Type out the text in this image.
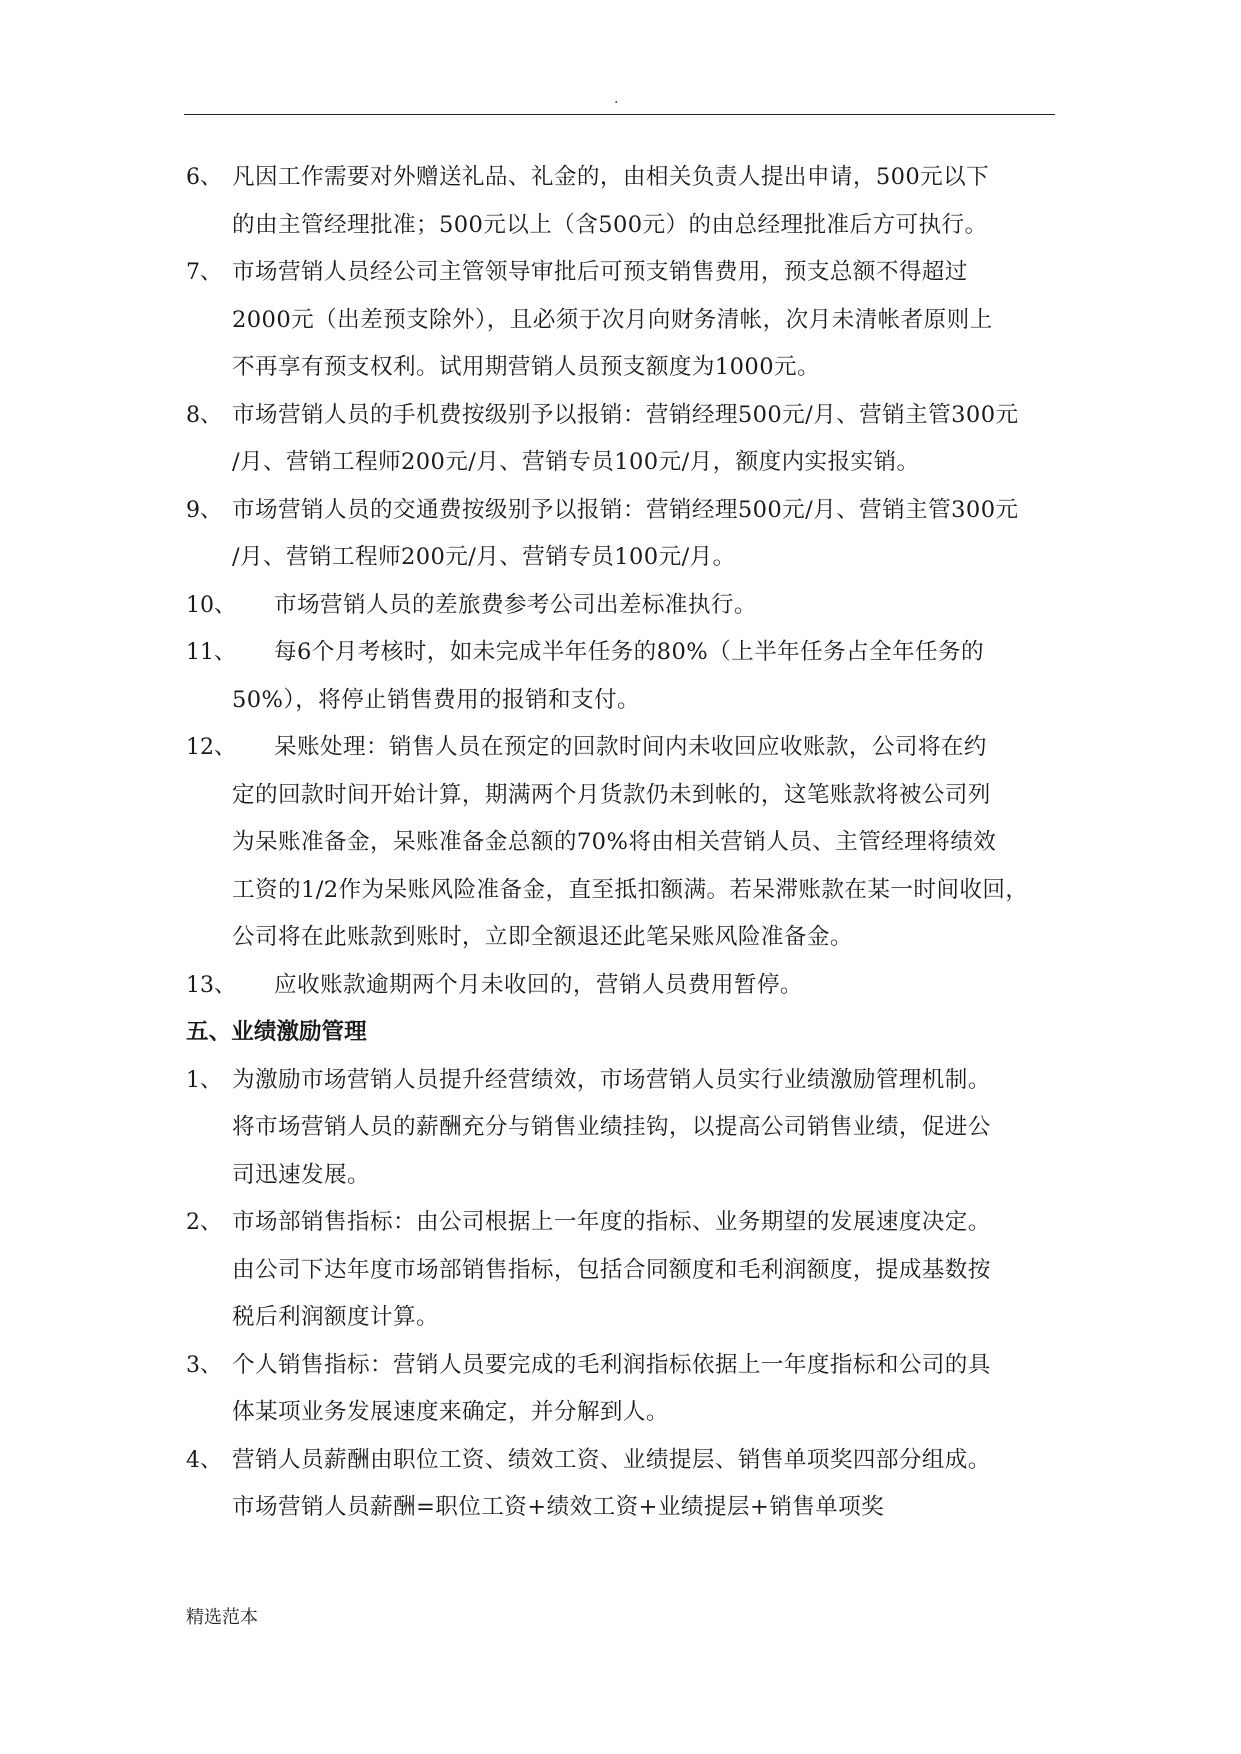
.
6、 凡因工作需要对外赠送礼品、礼金的，由相关负责人提出申请，500元以下
的由主管经理批准；500元以上（含500元）的由总经理批准后方可执行。
7、 市场营销人员经公司主管领导审批后可预支销售费用，预支总额不得超过
2000元（出差预支除外），且必须于次月向财务清帐，次月未清帐者原则上
不再享有预支权利。试用期营销人员预支额度为1000元。
8、 市场营销人员的手机费按级别予以报销：营销经理500元/月、营销主管300元
/月、营销工程师200元/月、营销专员100元/月，额度内实报实销。
9、 市场营销人员的交通费按级别予以报销：营销经理500元/月、营销主管300元
/月、营销工程师200元/月、营销专员100元/月。
10、	市场营销人员的差旅费参考公司出差标准执行。
11、	每6个月考核时，如未完成半年任务的80%（上半年任务占全年任务的
50%），将停止销售费用的报销和支付。
12、	呆账处理：销售人员在预定的回款时间内未收回应收账款，公司将在约
定的回款时间开始计算，期满两个月货款仍未到帐的，这笔账款将被公司列
为呆账准备金，呆账准备金总额的70%将由相关营销人员、主管经理将绩效
工资的1/2作为呆账风险准备金，直至抵扣额满。若呆滞账款在某一时间收回，
公司将在此账款到账时，立即全额退还此笔呆账风险准备金。
13、	应收账款逾期两个月未收回的，营销人员费用暂停。
五、业绩激励管理
1、 为激励市场营销人员提升经营绩效，市场营销人员实行业绩激励管理机制。
将市场营销人员的薪酬充分与销售业绩挂钩，以提高公司销售业绩，促进公
司迅速发展。
2、 市场部销售指标：由公司根据上一年度的指标、业务期望的发展速度决定。
由公司下达年度市场部销售指标，包括合同额度和毛利润额度，提成基数按
税后利润额度计算。
3、 个人销售指标：营销人员要完成的毛利润指标依据上一年度指标和公司的具
体某项业务发展速度来确定，并分解到人。
4、 营销人员薪酬由职位工资、绩效工资、业绩提层、销售单项奖四部分组成。
市场营销人员薪酬=职位工资+绩效工资+业绩提层+销售单项奖
精选范本
